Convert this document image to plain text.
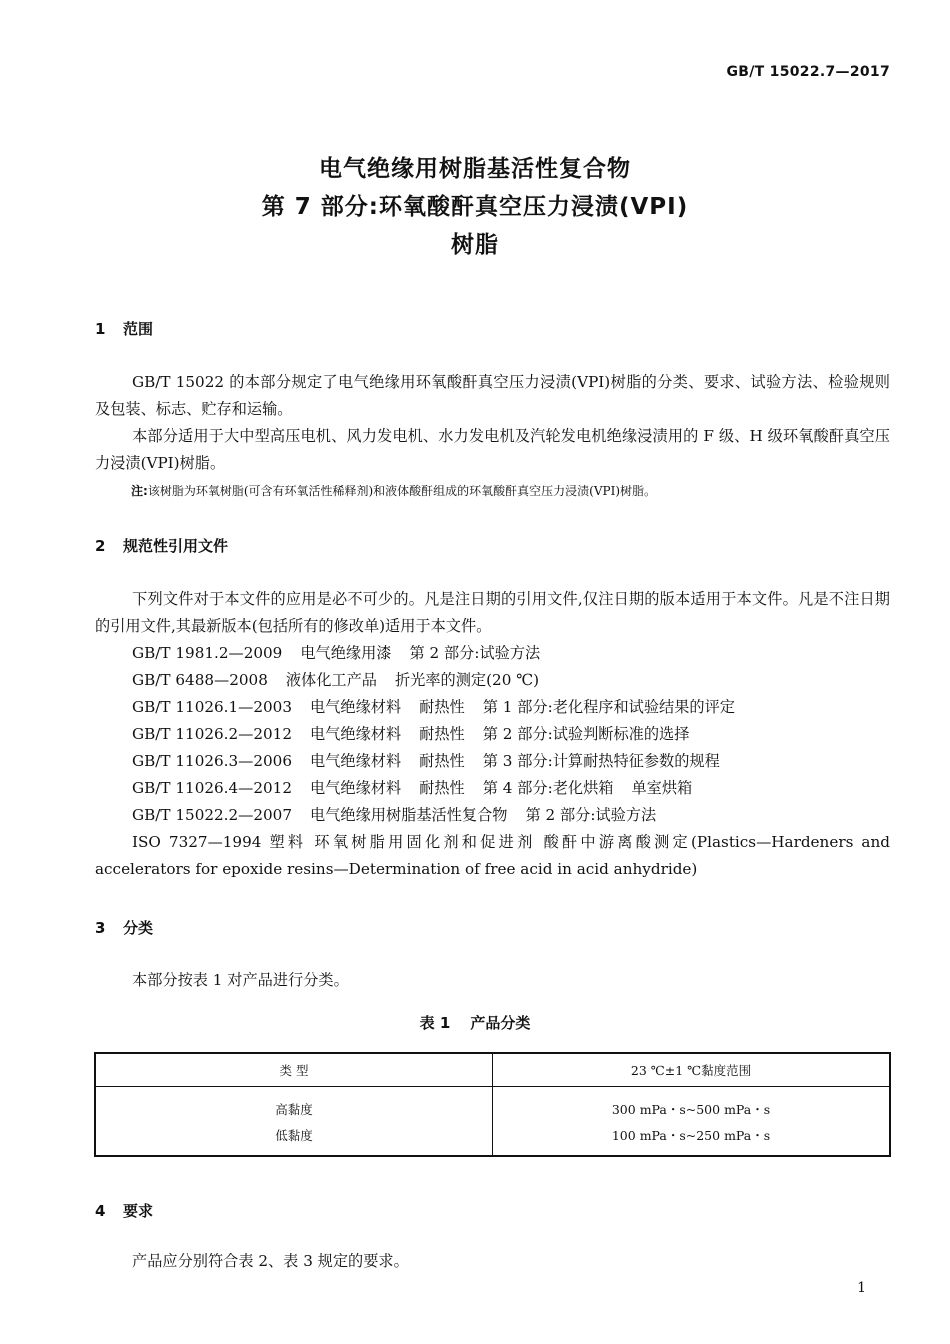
GB/T 15022.7—2017
电气绝缘用树脂基活性复合物
第 7 部分:环氧酸酐真空压力浸渍(VPI)
树脂
1 范围
GB/T 15022 的本部分规定了电气绝缘用环氧酸酐真空压力浸渍(VPI)树脂的分类、要求、试验方法、检验规则及包装、标志、贮存和运输。
本部分适用于大中型高压电机、风力发电机、水力发电机及汽轮发电机绝缘浸渍用的 F 级、H 级环氧酸酐真空压力浸渍(VPI)树脂。
注:该树脂为环氧树脂(可含有环氧活性稀释剂)和液体酸酐组成的环氧酸酐真空压力浸渍(VPI)树脂。
2 规范性引用文件
下列文件对于本文件的应用是必不可少的。凡是注日期的引用文件,仅注日期的版本适用于本文件。凡是不注日期的引用文件,其最新版本(包括所有的修改单)适用于本文件。
GB/T 1981.2—2009 电气绝缘用漆 第 2 部分:试验方法
GB/T 6488—2008 液体化工产品 折光率的测定(20 ℃)
GB/T 11026.1—2003 电气绝缘材料 耐热性 第 1 部分:老化程序和试验结果的评定
GB/T 11026.2—2012 电气绝缘材料 耐热性 第 2 部分:试验判断标准的选择
GB/T 11026.3—2006 电气绝缘材料 耐热性 第 3 部分:计算耐热特征参数的规程
GB/T 11026.4—2012 电气绝缘材料 耐热性 第 4 部分:老化烘箱 单室烘箱
GB/T 15022.2—2007 电气绝缘用树脂基活性复合物 第 2 部分:试验方法
ISO 7327—1994 塑料 环氧树脂用固化剂和促进剂 酸酐中游离酸测定(Plastics—Hardeners and accelerators for epoxide resins—Determination of free acid in acid anhydride)
3 分类
本部分按表 1 对产品进行分类。
表 1 产品分类
类 型	23 ℃±1 ℃黏度范围
高黏度	300 mPa・s~500 mPa・s
低黏度	100 mPa・s~250 mPa・s
4 要求
产品应分别符合表 2、表 3 规定的要求。
1
